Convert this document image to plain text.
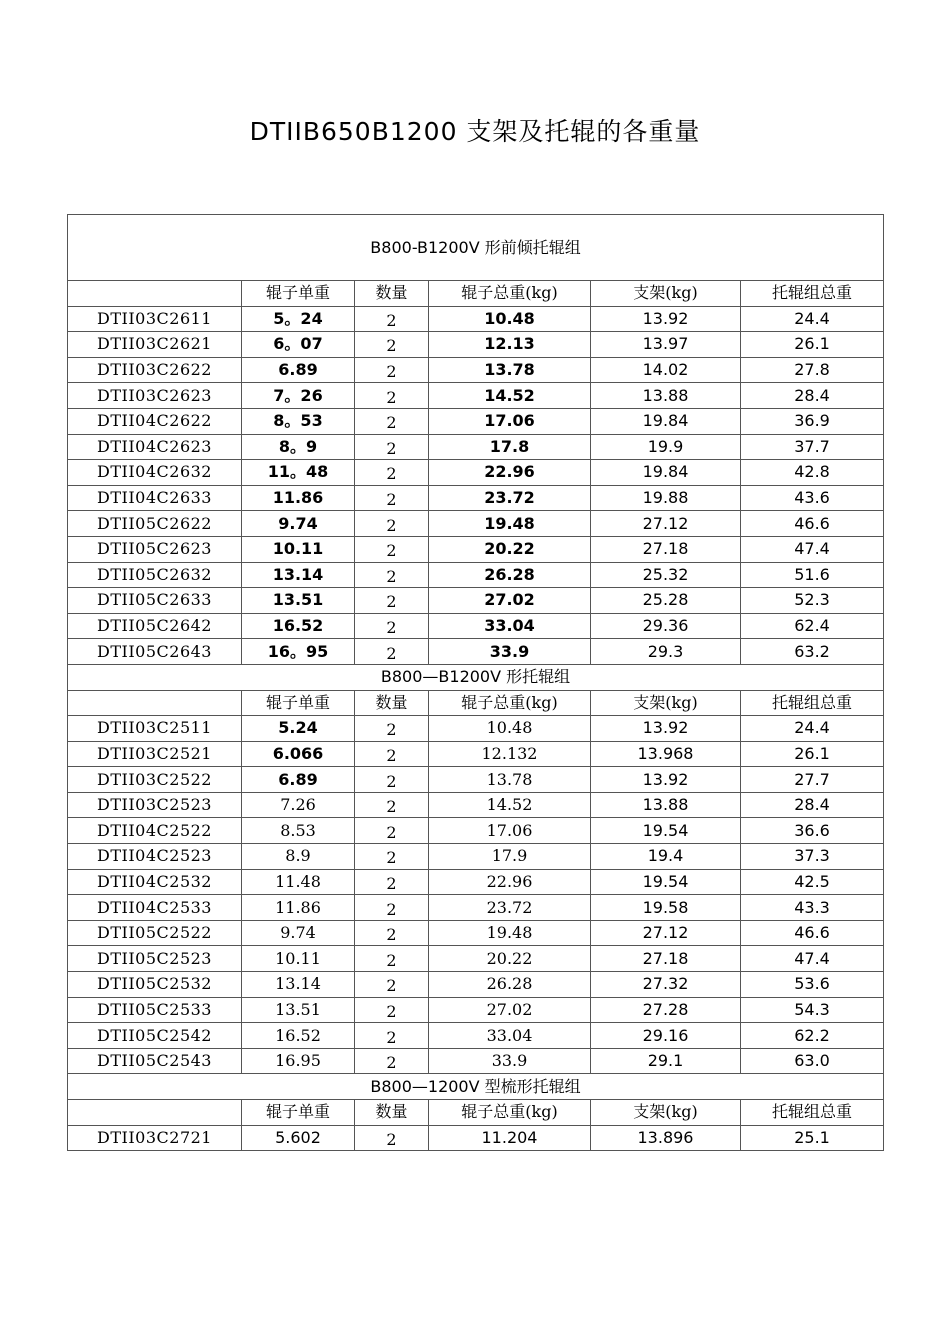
DTIIB650B1200 支架及托辊的各重量
B800-B1200V 形前倾托辊组					
	辊子单重	数量	辊子总重(kg)	支架(kg)	托辊组总重
DTII03C2611	5。24	2	10.48	13.92	24.4
DTII03C2621	6。07	2	12.13	13.97	26.1
DTII03C2622	6.89	2	13.78	14.02	27.8
DTII03C2623	7。26	2	14.52	13.88	28.4
DTII04C2622	8。53	2	17.06	19.84	36.9
DTII04C2623	8。9	2	17.8	19.9	37.7
DTII04C2632	11。48	2	22.96	19.84	42.8
DTII04C2633	11.86	2	23.72	19.88	43.6
DTII05C2622	9.74	2	19.48	27.12	46.6
DTII05C2623	10.11	2	20.22	27.18	47.4
DTII05C2632	13.14	2	26.28	25.32	51.6
DTII05C2633	13.51	2	27.02	25.28	52.3
DTII05C2642	16.52	2	33.04	29.36	62.4
DTII05C2643	16。95	2	33.9	29.3	63.2
B800—B1200V 形托辊组					
	辊子单重	数量	辊子总重(kg)	支架(kg)	托辊组总重
DTII03C2511	5.24	2	10.48	13.92	24.4
DTII03C2521	6.066	2	12.132	13.968	26.1
DTII03C2522	6.89	2	13.78	13.92	27.7
DTII03C2523	7.26	2	14.52	13.88	28.4
DTII04C2522	8.53	2	17.06	19.54	36.6
DTII04C2523	8.9	2	17.9	19.4	37.3
DTII04C2532	11.48	2	22.96	19.54	42.5
DTII04C2533	11.86	2	23.72	19.58	43.3
DTII05C2522	9.74	2	19.48	27.12	46.6
DTII05C2523	10.11	2	20.22	27.18	47.4
DTII05C2532	13.14	2	26.28	27.32	53.6
DTII05C2533	13.51	2	27.02	27.28	54.3
DTII05C2542	16.52	2	33.04	29.16	62.2
DTII05C2543	16.95	2	33.9	29.1	63.0
B800—1200V 型梳形托辊组					
	辊子单重	数量	辊子总重(kg)	支架(kg)	托辊组总重
DTII03C2721	5.602	2	11.204	13.896	25.1
